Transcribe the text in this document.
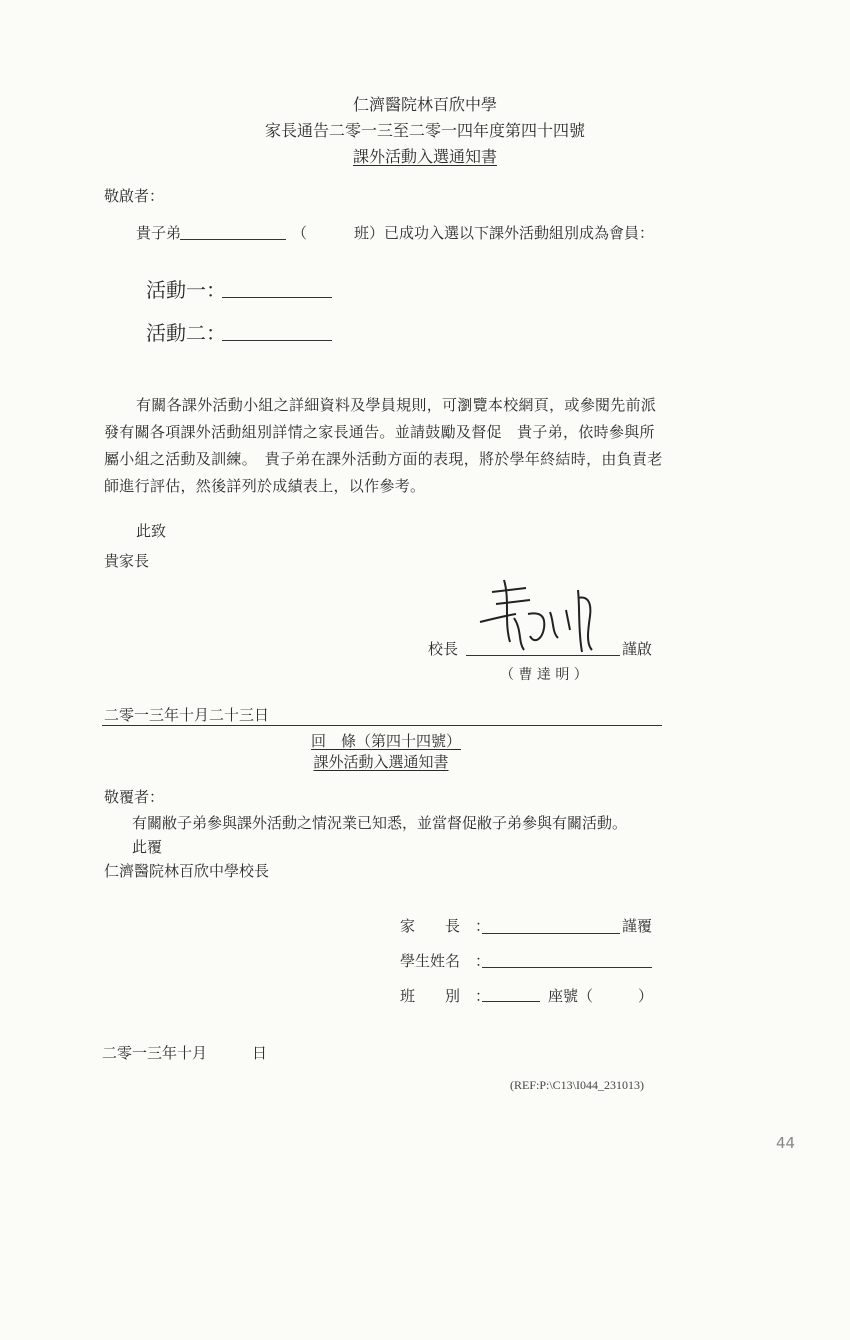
仁濟醫院林百欣中學
家長通告二零一三至二零一四年度第四十四號
課外活動入選通知書
敬啟者：
貴子弟	（	班）已成功入選以下課外活動組別成為會員：
活動一：
活動二：
有關各課外活動小組之詳細資料及學員規則，可瀏覽本校網頁，或參閱先前派發有關各項課外活動組別詳情之家長通告。並請鼓勵及督促　貴子弟，依時參與所屬小組之活動及訓練。　貴子弟在課外活動方面的表現，將於學年終結時，由負責老師進行評估，然後詳列於成績表上，以作參考。
此致
貴家長
校長	謹啟
（ 曹 達 明 ）
二零一三年十月二十三日
回　條（第四十四號）
課外活動入選通知書
敬覆者：
有關敝子弟參與課外活動之情況業已知悉，並當督促敝子弟參與有關活動。
此覆
仁濟醫院林百欣中學校長
家　　長　：	謹覆
學生姓名　：
班　　別　：	座號（　　　）
二零一三年十月　　　日
(REF:P:\C13\I044_231013)
44
